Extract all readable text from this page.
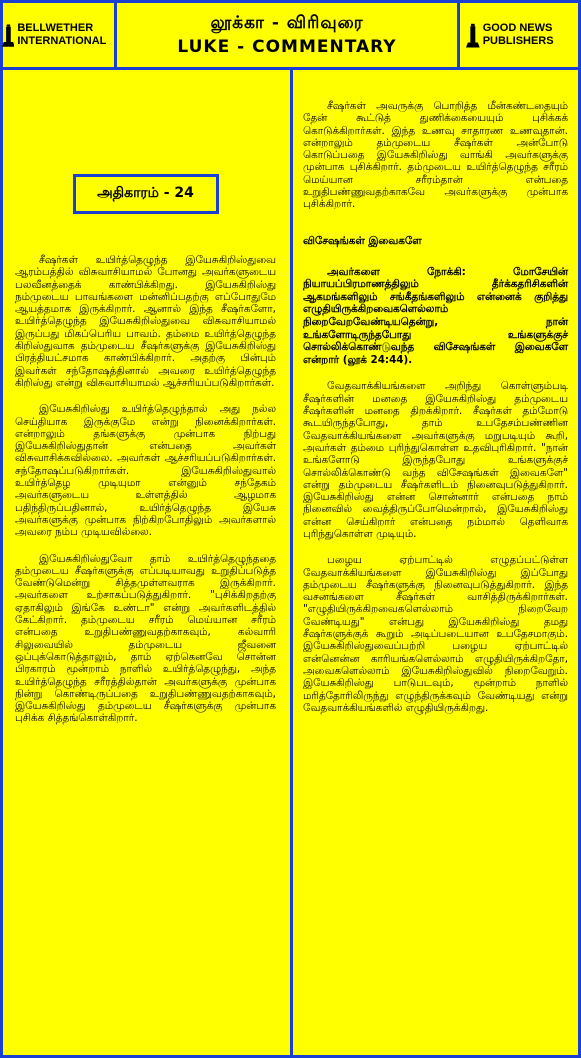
BELLWETHER INTERNATIONAL
லூக்கா - விரிவுரை
LUKE - COMMENTARY
GOOD NEWS PUBLISHERS
அதிகாரம் - 24

சீஷர்கள் உயிர்த்தெழுந்த இயேசுகிறிஸ்துவை ஆரம்பத்தில் விசுவாசியாமல் போனது அவர்களுடைய பலவீனத்தைக் காண்பிக்கிறது. இயேசுகிறிஸ்து நம்முடைய பாவங்களை மன்னிப்பதற்கு எப்போதுமே ஆயத்தமாக இருக்கிறார். ஆனால் இந்த சீஷர்களோ, உயிர்த்தெழுந்த இயேசுகிறிஸ்துவை விசுவாசியாமல் இருப்பது மிகப்பெரிய பாவம். தம்மை உயிர்த்தெழுந்த கிறிஸ்துவாக தம்முடைய சீஷர்களுக்கு இயேசுகிறிஸ்து பிரத்தியட்சமாக காண்பிக்கிறார். அதற்கு பின்பும் இவர்கள் சந்தோஷத்தினால் அவரை உயிர்த்தெழுந்த கிறிஸ்து என்று விசுவாசியாமல் ஆச்சரியப்படுகிறார்கள்.

இயேசுகிறிஸ்து உயிர்த்தெழுந்தால் அது நல்ல செய்தியாக இருக்குமே என்று நினைக்கிறார்கள். என்றாலும் தங்களுக்கு முன்பாக நிற்பது இயேசுகிறிஸ்துதான் என்பதை அவர்கள் விசுவாசிக்கவில்லை. அவர்கள் ஆச்சரியப்படுகிறார்கள். சந்தோஷப்படுகிறார்கள். இயேசுகிறிஸ்துவால் உயிர்த்தெழ முடியுமா என்னும் சந்தேகம் அவர்களுடைய உள்ளத்தில் ஆழமாக பதிந்திருப்பதினால், உயிர்த்தெழுந்த இயேசு அவர்களுக்கு முன்பாக நிற்கிறபோதிலும் அவர்களால் அவரை நம்ப முடியவில்லை.

இயேசுகிறிஸ்துவோ தாம் உயிர்த்தெழுந்ததை தம்முடைய சீஷர்களுக்கு எப்படியாவது உறுதிப்படுத்த வேண்டுமென்று சித்தமுள்ளவராக இருக்கிறார். அவர்களை உற்சாகப்படுத்துகிறார். "புசிக்கிறதற்கு ஏதாகிலும் இங்கே உண்டா" என்று அவர்களிடத்தில் கேட்கிறார். தம்முடைய சரீரம் மெய்யான சரீரம் என்பதை உறுதிபண்ணுவதற்காகவும், கல்வாரி சிலுவையில் தம்முடைய ஜீவனை ஒப்புக்கொடுத்தாலும், தாம் ஏற்கெனவே சொன்ன பிரகாரம் மூன்றாம் நாளில் உயிர்த்தெழுந்து, அந்த உயிர்த்தெழுந்த சரீரத்தில்தான் அவர்களுக்கு முன்பாக நின்று கொண்டிருப்பதை உறுதிபண்ணுவதற்காகவும், இயேசுகிறிஸ்து தம்முடைய சீஷர்களுக்கு முன்பாக புசிக்க சித்தங்கொள்கிறார்.

சீஷர்கள் அவருக்கு பொறித்த மீன்கண்டதையும் தேன் கூட்டுத் துணிக்கையையும் புசிக்கக் கொடுக்கிறார்கள். இந்த உணவு சாதாரண உணவுதான். என்றாலும் தம்முடைய சீஷர்கள் அன்போடு கொடுப்பதை இயேசுகிறிஸ்து வாங்கி அவர்களுக்கு முன்பாக புசிக்கிறார். தம்முடைய உயிர்த்தெழுந்த சரீரம் மெய்யான சரீரம்தான் என்பதை உறுதிபண்ணுவதற்காகவே அவர்களுக்கு முன்பாக புசிக்கிறார்.

விசேஷங்கள் இவைகளே
அவர்களை நோக்கி: மோசேயின் நியாயப்பிரமாணத்திலும் தீர்க்கதரிசிகளின் ஆகமங்களிலும் சங்கீதங்களிலும் என்னைக் குறித்து எழுதியிருக்கிறவைகளெல்லாம் நிறைவேறவேண்டியதென்று, நான் உங்களோடிருந்தபோது உங்களுக்குச் சொல்லிக்கொண்டுவந்த விசேஷங்கள் இவைகளே என்றார் (லூக் 24:44).

வேதவாக்கியங்களை அறிந்து கொள்ளும்படி சீஷர்களின் மனதை இயேசுகிறிஸ்து தம்முடைய சீஷர்களின் மனதை திறக்கிறார். சீஷர்கள் தம்மோடு கூடயிருந்தபோது, தாம் உபதேசம்பண்ணின வேதவாக்கியங்களை அவர்களுக்கு மறுபடியும் கூறி, அவர்கள் தம்மை புரிந்துகொள்ள உதவிபுரிகிறார். "நான் உங்களோடு இருந்தபோது உங்களுக்குச் சொல்லிக்கொண்டு வந்த விசேஷங்கள் இவைகளே" என்று தம்முடைய சீஷர்களிடம் நினைவுபடுத்துகிறார். இயேசுகிறிஸ்து என்ன சொன்னார் என்பதை நாம் நினைவில் வைத்திருப்போமென்றால், இயேசுகிறிஸ்து என்ன செய்கிறார் என்பதை நம்மால் தெளிவாக புரிந்துகொள்ள முடியும்.

பழைய ஏற்பாட்டில் எழுதப்பட்டுள்ள வேதவாக்கியங்களை இயேசுகிறிஸ்து இப்போது தம்முடைய சீஷர்களுக்கு நினைவுபடுத்துகிறார். இந்த வசனங்களை சீஷர்கள் வாசித்திருக்கிறார்கள். "எழுதியிருக்கிறவைகளெல்லாம் நிறைவேற வேண்டியது" என்பது இயேசுகிறிஸ்து தமது சீஷர்களுக்குக் கூறும் அடிப்படையான உபதேசமாகும். இயேசுகிறிஸ்துவைப்பற்றி பழைய ஏற்பாட்டில் என்னென்ன காரியங்களெல்லாம் எழுதியிருக்கிறதோ, அவைகளெல்லாம் இயேசுகிறிஸ்துவில் நிறைவேறும். இயேசுகிறிஸ்து பாடுபடவும், மூன்றாம் நாளில் மரித்தோரிலிருந்து எழுந்திருக்கவும் வேண்டியது என்று வேதவாக்கியங்களில் எழுதியிருக்கிறது.
